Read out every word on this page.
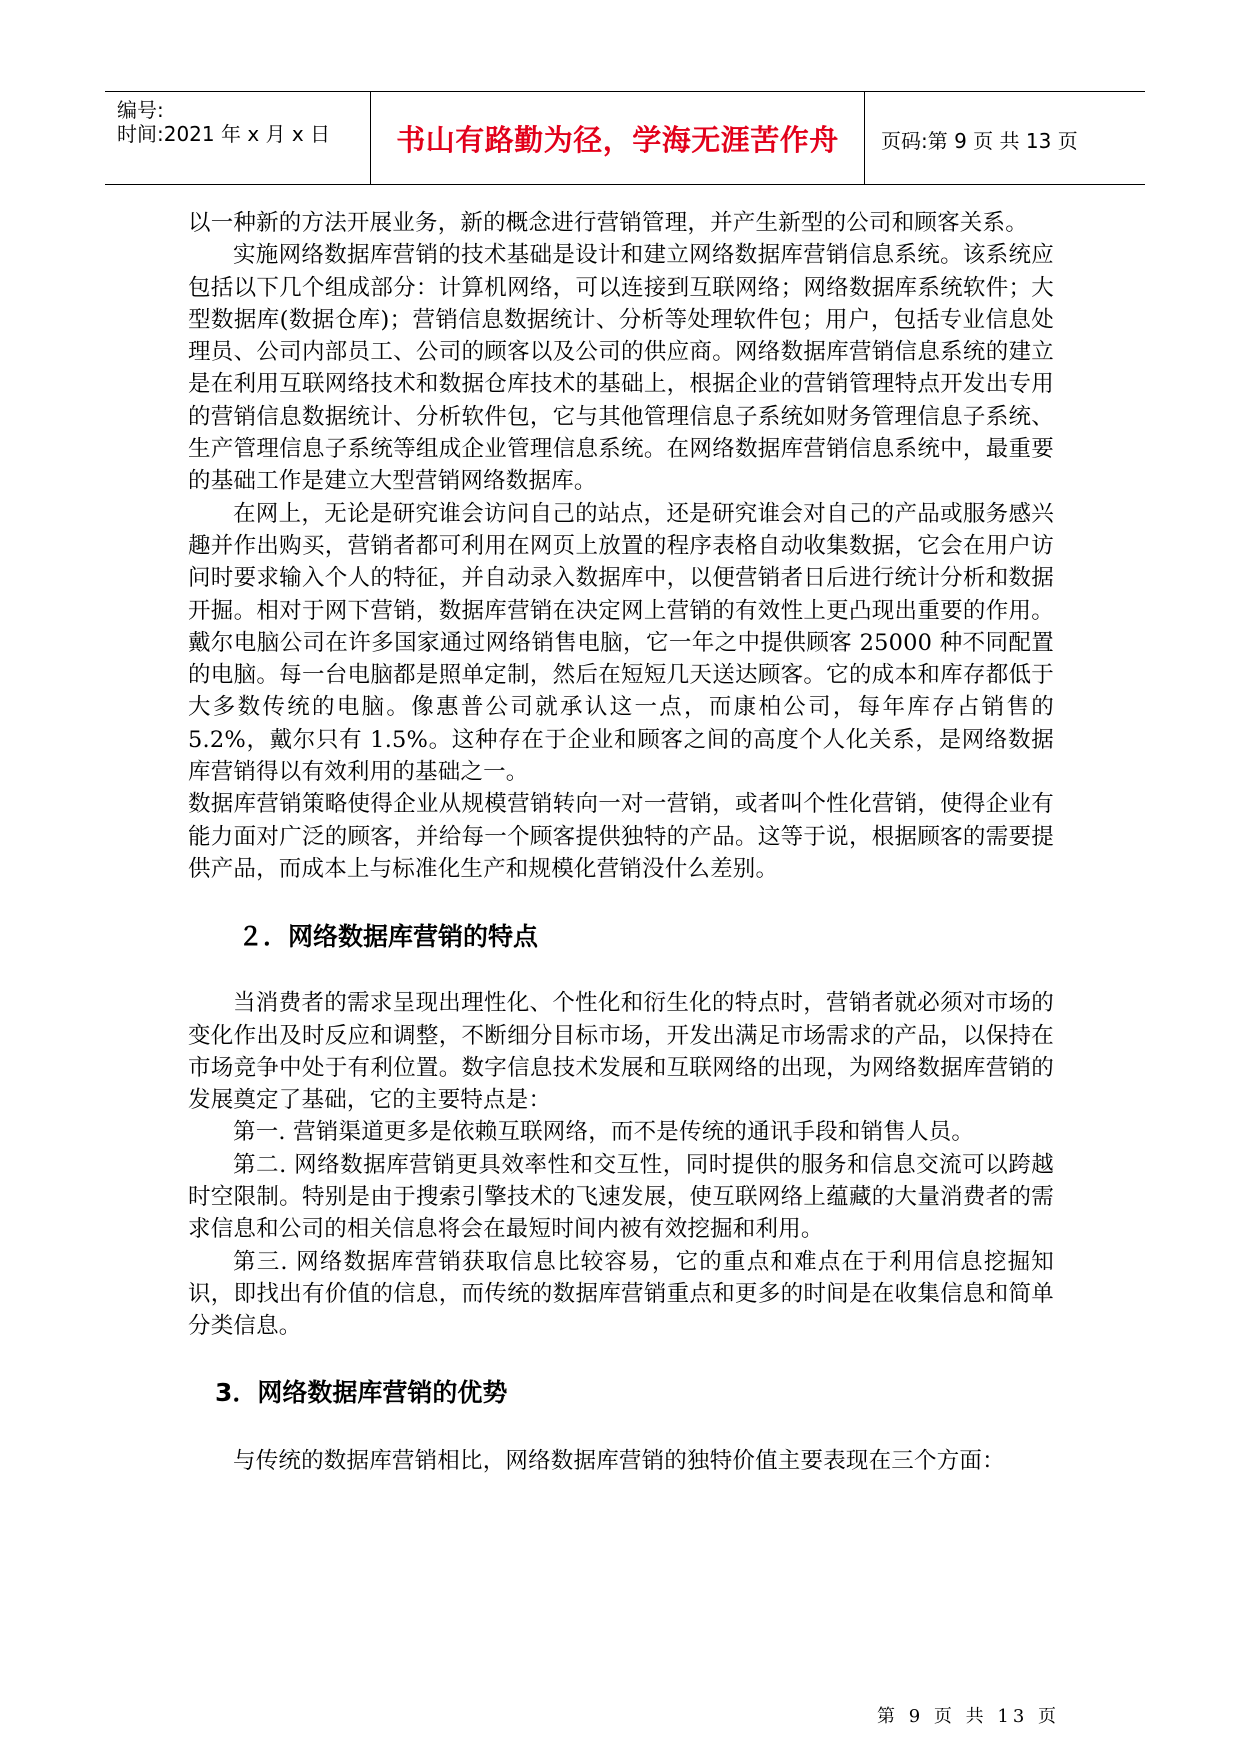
编号:
时间:2021 年 x 月 x 日	书山有路勤为径，学海无涯苦作舟	页码:第 9 页 共 13 页

以一种新的方法开展业务，新的概念进行营销管理，并产生新型的公司和顾客关系。

实施网络数据库营销的技术基础是设计和建立网络数据库营销信息系统。该系统应包括以下几个组成部分：计算机网络，可以连接到互联网络；网络数据库系统软件；大型数据库(数据仓库)；营销信息数据统计、分析等处理软件包；用户，包括专业信息处理员、公司内部员工、公司的顾客以及公司的供应商。网络数据库营销信息系统的建立是在利用互联网络技术和数据仓库技术的基础上，根据企业的营销管理特点开发出专用的营销信息数据统计、分析软件包，它与其他管理信息子系统如财务管理信息子系统、生产管理信息子系统等组成企业管理信息系统。在网络数据库营销信息系统中，最重要的基础工作是建立大型营销网络数据库。

在网上，无论是研究谁会访问自己的站点，还是研究谁会对自己的产品或服务感兴趣并作出购买，营销者都可利用在网页上放置的程序表格自动收集数据，它会在用户访问时要求输入个人的特征，并自动录入数据库中，以便营销者日后进行统计分析和数据开掘。相对于网下营销，数据库营销在决定网上营销的有效性上更凸现出重要的作用。戴尔电脑公司在许多国家通过网络销售电脑，它一年之中提供顾客 25000 种不同配置的电脑。每一台电脑都是照单定制，然后在短短几天送达顾客。它的成本和库存都低于大多数传统的电脑。像惠普公司就承认这一点，而康柏公司，每年库存占销售的 5.2%，戴尔只有 1.5%。这种存在于企业和顾客之间的高度个人化关系，是网络数据库营销得以有效利用的基础之一。

数据库营销策略使得企业从规模营销转向一对一营销，或者叫个性化营销，使得企业有能力面对广泛的顾客，并给每一个顾客提供独特的产品。这等于说，根据顾客的需要提供产品，而成本上与标准化生产和规模化营销没什么差别。

２．网络数据库营销的特点

当消费者的需求呈现出理性化、个性化和衍生化的特点时，营销者就必须对市场的变化作出及时反应和调整，不断细分目标市场，开发出满足市场需求的产品，以保持在市场竞争中处于有利位置。数字信息技术发展和互联网络的出现，为网络数据库营销的发展奠定了基础，它的主要特点是：

第一. 营销渠道更多是依赖互联网络，而不是传统的通讯手段和销售人员。

第二. 网络数据库营销更具效率性和交互性，同时提供的服务和信息交流可以跨越时空限制。特别是由于搜索引擎技术的飞速发展，使互联网络上蕴藏的大量消费者的需求信息和公司的相关信息将会在最短时间内被有效挖掘和利用。

第三. 网络数据库营销获取信息比较容易，它的重点和难点在于利用信息挖掘知识，即找出有价值的信息，而传统的数据库营销重点和更多的时间是在收集信息和简单分类信息。

3．网络数据库营销的优势

与传统的数据库营销相比，网络数据库营销的独特价值主要表现在三个方面：

第 9 页 共 13 页
